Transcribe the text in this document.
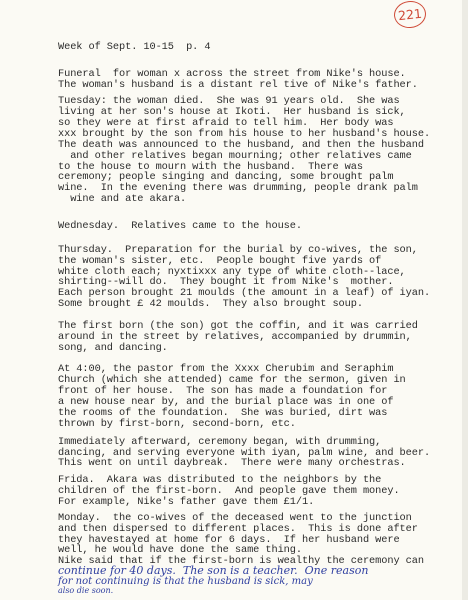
221
Week of Sept. 10-15  p. 4
Funeral  for woman x across the street from Nike's house.
The woman's husband is a distant rel tive of Nike's father.
Tuesday: the woman died.  She was 91 years old.  She was
living at her son's house at Ikoti.  Her husband is sick,
so they were at first afraid to tell him.  Her body was
xxx brought by the son from his house to her husband's house.
The death was announced to the husband, and then the husband
and other relatives began mourning; other relatives came
to the house to mourn with the husband.  There was
ceremony; people singing and dancing, some brought palm
wine.  In the evening there was drumming, people drank palm
wine and ate akara.
Wednesday.  Relatives came to the house.
Thursday.  Preparation for the burial by co-wives, the son,
the woman's sister, etc.  People bought five yards of
white cloth each; nyxtixxx any type of white cloth--lace,
shirting--will do.  They bought it from Nike's  mother.
Each person brought 21 moulds (the amount in a leaf) of iyan.
Some brought £ 42 moulds.  They also brought soup.
The first born (the son) got the coffin, and it was carried
around in the street by relatives, accompanied by drummin,
song, and dancing.
At 4:00, the pastor from the Xxxx Cherubim and Seraphim
Church (which she attended) came for the sermon, given in
front of her house.  The son has made a foundation for
a new house near by, and the burial place was in one of
the rooms of the foundation.  She was buried, dirt was
thrown by first-born, second-born, etc.
Immediately afterward, ceremony began, with drumming,
dancing, and serving everyone with iyan, palm wine, and beer.
This went on until daybreak.  There were many orchestras.
Frida.  Akara was distributed to the neighbors by the
children of the first-born.  And people gave them money.
For example, Nike's father gave them £1/1.
Monday.  the co-wives of the deceased went to the junction
and then dispersed to different places.  This is done after
they havestayed at home for 6 days.  If her husband were
well, he would have done the same thing.
Nike said that if the first-born is wealthy the ceremony can
continue for 40 days.  The son is a teacher.  One reason
for not continuing is that the husband is sick, may
also die soon.
